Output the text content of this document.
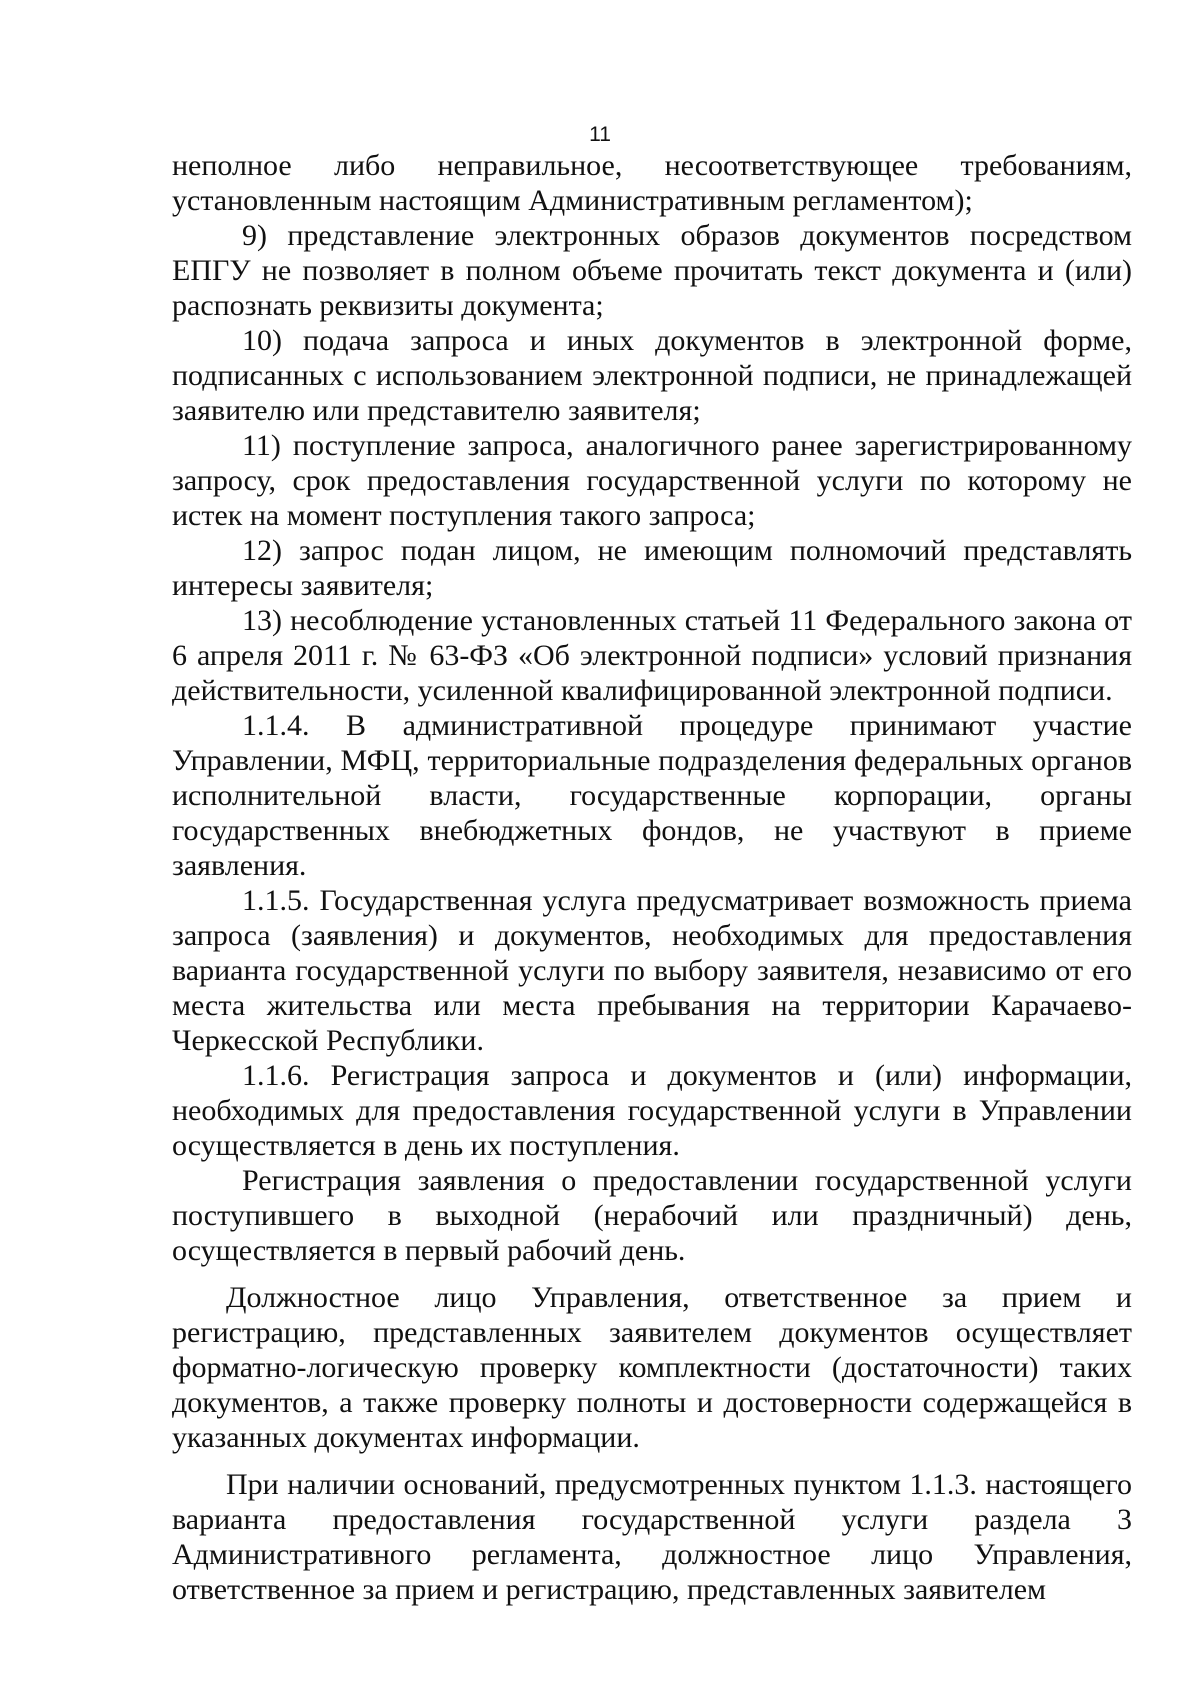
11

неполное либо неправильное, несоответствующее требованиям, установленным настоящим Административным регламентом);

9) представление электронных образов документов посредством ЕПГУ не позволяет в полном объеме прочитать текст документа и (или) распознать реквизиты документа;

10) подача запроса и иных документов в электронной форме, подписанных с использованием электронной подписи, не принадлежащей заявителю или представителю заявителя;

11) поступление запроса, аналогичного ранее зарегистрированному запросу, срок предоставления государственной услуги по которому не истек на момент поступления такого запроса;

12) запрос подан лицом, не имеющим полномочий представлять интересы заявителя;

13) несоблюдение установленных статьей 11 Федерального закона от 6 апреля 2011 г. № 63-ФЗ «Об электронной подписи» условий признания действительности, усиленной квалифицированной электронной подписи.

1.1.4. В административной процедуре принимают участие Управлении, МФЦ, территориальные подразделения федеральных органов исполнительной власти, государственные корпорации, органы государственных внебюджетных фондов, не участвуют в приеме заявления.

1.1.5. Государственная услуга предусматривает возможность приема запроса (заявления) и документов, необходимых для предоставления варианта государственной услуги по выбору заявителя, независимо от его места жительства или места пребывания на территории Карачаево-Черкесской Республики.

1.1.6. Регистрация запроса и документов и (или) информации, необходимых для предоставления государственной услуги в Управлении осуществляется в день их поступления.

Регистрация заявления о предоставлении государственной услуги поступившего в выходной (нерабочий или праздничный) день, осуществляется в первый рабочий день.

Должностное лицо Управления, ответственное за прием и регистрацию, представленных заявителем документов осуществляет форматно-логическую проверку комплектности (достаточности) таких документов, а также проверку полноты и достоверности содержащейся в указанных документах информации.

При наличии оснований, предусмотренных пунктом 1.1.3. настоящего варианта предоставления государственной услуги раздела 3 Административного регламента, должностное лицо Управления, ответственное за прием и регистрацию, представленных заявителем
